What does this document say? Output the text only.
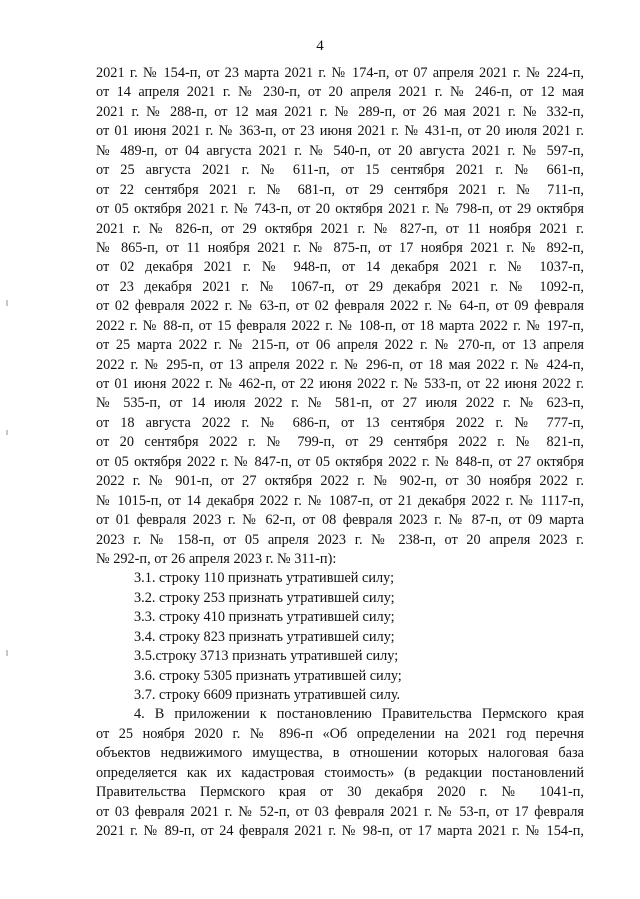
4
2021 г. № 154-п, от 23 марта 2021 г. № 174-п, от 07 апреля 2021 г. № 224-п,
от 14 апреля 2021 г. № 230-п, от 20 апреля 2021 г. № 246-п, от 12 мая
2021 г. № 288-п, от 12 мая 2021 г. № 289-п, от 26 мая 2021 г. № 332-п,
от 01 июня 2021 г. № 363-п, от 23 июня 2021 г. № 431-п, от 20 июля 2021 г.
№ 489-п, от 04 августа 2021 г. № 540-п, от 20 августа 2021 г. № 597-п,
от 25 августа 2021 г. № 611-п, от 15 сентября 2021 г. № 661-п,
от 22 сентября 2021 г. № 681-п, от 29 сентября 2021 г. № 711-п,
от 05 октября 2021 г. № 743-п, от 20 октября 2021 г. № 798-п, от 29 октября
2021 г. № 826-п, от 29 октября 2021 г. № 827-п, от 11 ноября 2021 г.
№ 865-п, от 11 ноября 2021 г. № 875-п, от 17 ноября 2021 г. № 892-п,
от 02 декабря 2021 г. № 948-п, от 14 декабря 2021 г. № 1037-п,
от 23 декабря 2021 г. № 1067-п, от 29 декабря 2021 г. № 1092-п,
от 02 февраля 2022 г. № 63-п, от 02 февраля 2022 г. № 64-п, от 09 февраля
2022 г. № 88-п, от 15 февраля 2022 г. № 108-п, от 18 марта 2022 г. № 197-п,
от 25 марта 2022 г. № 215-п, от 06 апреля 2022 г. № 270-п, от 13 апреля
2022 г. № 295-п, от 13 апреля 2022 г. № 296-п, от 18 мая 2022 г. № 424-п,
от 01 июня 2022 г. № 462-п, от 22 июня 2022 г. № 533-п, от 22 июня 2022 г.
№ 535-п, от 14 июля 2022 г. № 581-п, от 27 июля 2022 г. № 623-п,
от 18 августа 2022 г. № 686-п, от 13 сентября 2022 г. № 777-п,
от 20 сентября 2022 г. № 799-п, от 29 сентября 2022 г. № 821-п,
от 05 октября 2022 г. № 847-п, от 05 октября 2022 г. № 848-п, от 27 октября
2022 г. № 901-п, от 27 октября 2022 г. № 902-п, от 30 ноября 2022 г.
№ 1015-п, от 14 декабря 2022 г. № 1087-п, от 21 декабря 2022 г. № 1117-п,
от 01 февраля 2023 г. № 62-п, от 08 февраля 2023 г. № 87-п, от 09 марта
2023 г. № 158-п, от 05 апреля 2023 г. № 238-п, от 20 апреля 2023 г.
№ 292-п, от 26 апреля 2023 г. № 311-п):
3.1. строку 110 признать утратившей силу;
3.2. строку 253 признать утратившей силу;
3.3. строку 410 признать утратившей силу;
3.4. строку 823 признать утратившей силу;
3.5.строку 3713 признать утратившей силу;
3.6. строку 5305 признать утратившей силу;
3.7. строку 6609 признать утратившей силу.
4. В приложении к постановлению Правительства Пермского края
от 25 ноября 2020 г. № 896-п «Об определении на 2021 год перечня
объектов недвижимого имущества, в отношении которых налоговая база
определяется как их кадастровая стоимость» (в редакции постановлений
Правительства Пермского края от 30 декабря 2020 г. № 1041-п,
от 03 февраля 2021 г. № 52-п, от 03 февраля 2021 г. № 53-п, от 17 февраля
2021 г. № 89-п, от 24 февраля 2021 г. № 98-п, от 17 марта 2021 г. № 154-п,
